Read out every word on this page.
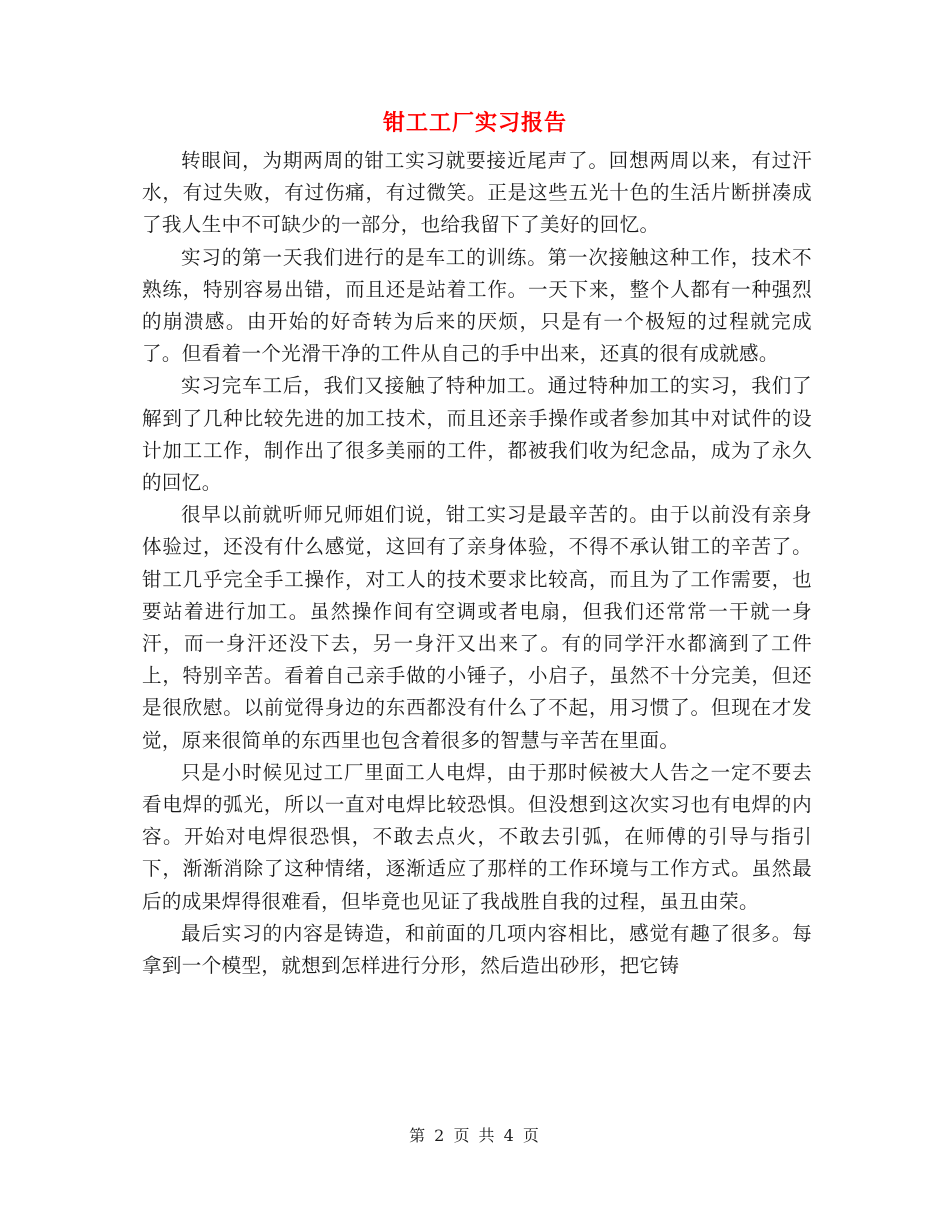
钳工工厂实习报告

转眼间，为期两周的钳工实习就要接近尾声了。回想两周以来，有过汗水，有过失败，有过伤痛，有过微笑。正是这些五光十色的生活片断拼凑成了我人生中不可缺少的一部分，也给我留下了美好的回忆。

实习的第一天我们进行的是车工的训练。第一次接触这种工作，技术不熟练，特别容易出错，而且还是站着工作。一天下来，整个人都有一种强烈的崩溃感。由开始的好奇转为后来的厌烦，只是有一个极短的过程就完成了。但看着一个光滑干净的工件从自己的手中出来，还真的很有成就感。

实习完车工后，我们又接触了特种加工。通过特种加工的实习，我们了解到了几种比较先进的加工技术，而且还亲手操作或者参加其中对试件的设计加工工作，制作出了很多美丽的工件，都被我们收为纪念品，成为了永久的回忆。

很早以前就听师兄师姐们说，钳工实习是最辛苦的。由于以前没有亲身体验过，还没有什么感觉，这回有了亲身体验，不得不承认钳工的辛苦了。钳工几乎完全手工操作，对工人的技术要求比较高，而且为了工作需要，也要站着进行加工。虽然操作间有空调或者电扇，但我们还常常一干就一身汗，而一身汗还没下去，另一身汗又出来了。有的同学汗水都滴到了工件上，特别辛苦。看着自己亲手做的小锤子，小启子，虽然不十分完美，但还是很欣慰。以前觉得身边的东西都没有什么了不起，用习惯了。但现在才发觉，原来很简单的东西里也包含着很多的智慧与辛苦在里面。

只是小时候见过工厂里面工人电焊，由于那时候被大人告之一定不要去看电焊的弧光，所以一直对电焊比较恐惧。但没想到这次实习也有电焊的内容。开始对电焊很恐惧，不敢去点火，不敢去引弧，在师傅的引导与指引下，渐渐消除了这种情绪，逐渐适应了那样的工作环境与工作方式。虽然最后的成果焊得很难看，但毕竟也见证了我战胜自我的过程，虽丑由荣。

最后实习的内容是铸造，和前面的几项内容相比，感觉有趣了很多。每拿到一个模型，就想到怎样进行分形，然后造出砂形，把它铸

第 2 页 共 4 页
